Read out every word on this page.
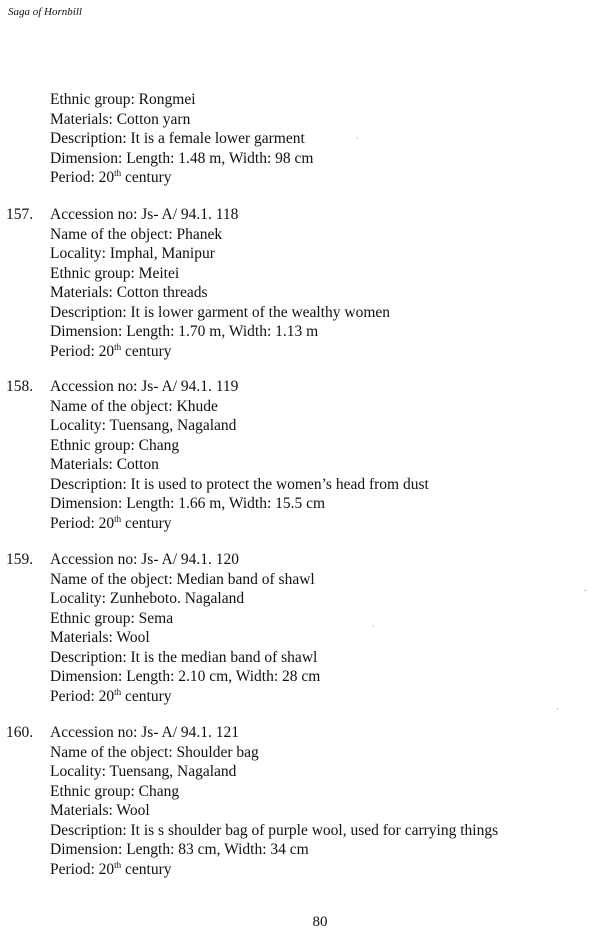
Saga of Hornbill
Ethnic group: Rongmei
Materials: Cotton yarn
Description: It is a female lower garment
Dimension: Length: 1.48 m, Width: 98 cm
Period: 20th century
157. Accession no: Js- A/ 94.1. 118
Name of the object: Phanek
Locality: Imphal, Manipur
Ethnic group: Meitei
Materials: Cotton threads
Description: It is lower garment of the wealthy women
Dimension: Length: 1.70 m, Width: 1.13 m
Period: 20th century
158. Accession no: Js- A/ 94.1. 119
Name of the object: Khude
Locality: Tuensang, Nagaland
Ethnic group: Chang
Materials: Cotton
Description: It is used to protect the women’s head from dust
Dimension: Length: 1.66 m, Width: 15.5 cm
Period: 20th century
159. Accession no: Js- A/ 94.1. 120
Name of the object: Median band of shawl
Locality: Zunheboto. Nagaland
Ethnic group: Sema
Materials: Wool
Description: It is the median band of shawl
Dimension: Length: 2.10 cm, Width: 28 cm
Period: 20th century
160. Accession no: Js- A/ 94.1. 121
Name of the object: Shoulder bag
Locality: Tuensang, Nagaland
Ethnic group: Chang
Materials: Wool
Description: It is s shoulder bag of purple wool, used for carrying things
Dimension: Length: 83 cm, Width: 34 cm
Period: 20th century
·
⁻
·
·
80
